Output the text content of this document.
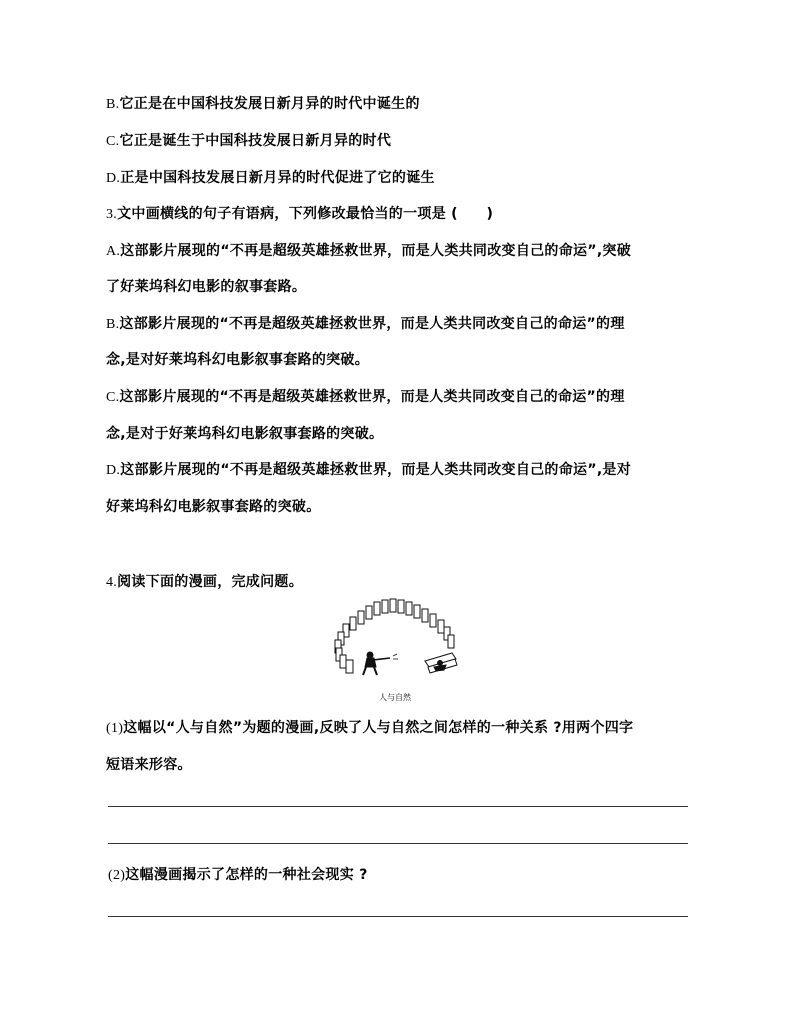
B.它正是在中国科技发展日新月异的时代中诞生的
C.它正是诞生于中国科技发展日新月异的时代
D.正是中国科技发展日新月异的时代促进了它的诞生
3.文中画横线的句子有语病，下列修改最恰当的一项是 (　　)
A.这部影片展现的“不再是超级英雄拯救世界，而是人类共同改变自己的命运”,突破
了好莱坞科幻电影的叙事套路。
B.这部影片展现的“不再是超级英雄拯救世界，而是人类共同改变自己的命运”的理
念,是对好莱坞科幻电影叙事套路的突破。
C.这部影片展现的“不再是超级英雄拯救世界，而是人类共同改变自己的命运”的理
念,是对于好莱坞科幻电影叙事套路的突破。
D.这部影片展现的“不再是超级英雄拯救世界，而是人类共同改变自己的命运”,是对
好莱坞科幻电影叙事套路的突破。
4.阅读下面的漫画，完成问题。
人与自然
(1)这幅以“人与自然”为题的漫画,反映了人与自然之间怎样的一种关系 ?用两个四字
短语来形容。
(2)这幅漫画揭示了怎样的一种社会现实 ?
